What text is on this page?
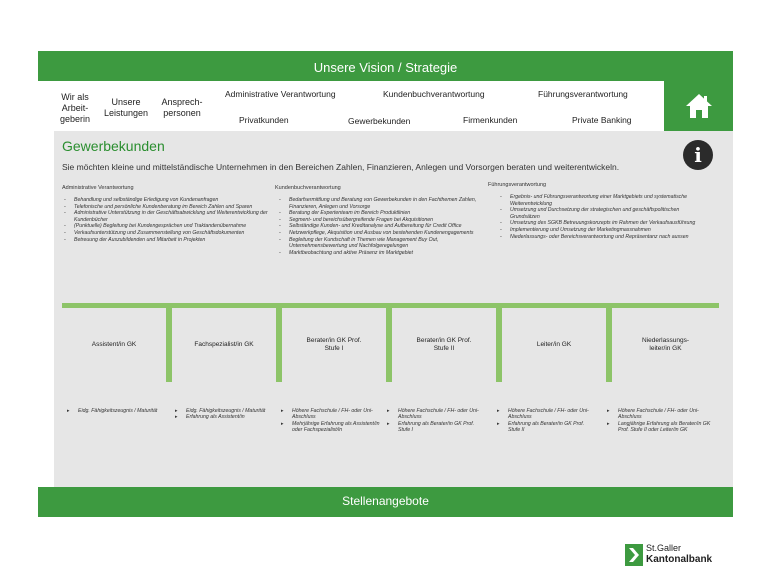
Unsere Vision / Strategie
Wir als Arbeit-geberin
Unsere Leistungen
Ansprech-personen
Administrative Verantwortung	Kundenbuchverantwortung	Führungsverantwortung
Privatkunden	Gewerbekunden	Firmenkunden	Private Banking
Gewerbekunden
Sie möchten kleine und mittelständische Unternehmen in den Bereichen Zahlen, Finanzieren, Anlegen und Vorsorgen beraten und weiterentwickeln.	i
Administrative Verantwortung
- Behandlung und selbständige Erledigung von Kundenanfragen
- Telefonische und persönliche Kundenberatung im Bereich Zahlen und Sparen
- Administrative Unterstützung in der Geschäftsabwicklung und Weiterentwicklung der Kundenbücher
- (Punktuelle) Begleitung bei Kundengesprächen und Traktandenübernahme
- Verkaufsunterstützung und Zusammenstellung von Geschäftsdokumenten
- Betreuung der Auszubildenden und Mitarbeit in Projekten
Kundenbuchverantwortung
- Bedarfsermittlung und Beratung von Gewerbekunden in den Fachthemen Zahlen, Finanzieren, Anlegen und Vorsorge
- Beratung der Expertenteam im Bereich Produktlinien
- Segment- und bereichsübergreifende Fragen bei Akquisitionen
- Selbständige Kunden- und Kreditanalyse und Aufbereitung für Credit Office
- Netzwerkpflege, Akquisition und Ausbau von bestehenden Kundenengagements
- Begleitung der Kundschaft in Themen wie Management Buy Out, Unternehmensbewertung und Nachfolgeregelungen
- Marktbeobachtung und aktive Präsenz im Marktgebiet
Führungsverantwortung
- Ergebnis- und Führungsverantwortung einer Marktgebiets und systematische Weiterentwicklung
- Umsetzung und Durchsetzung der strategischen und geschäftspolitischen Grundsätzen
- Umsetzung des SGKB Betreuungskonzepts im Rahmen der Verkaufsausführung
- Implementierung und Umsetzung der Marketingmassnahmen
- Niederlassungs- oder Bereichsverantwortung und Repräsentanz nach aussen
Assistent/in GK	Fachspezialist/in GK
Berater/in GK Prof. Stufe I
Berater/in GK Prof. Stufe II
Leiter/in GK
Niederlassungs-leiter/in GK
▸ Eidg. Fähigkeitszeugnis / Maturität
▸	Eidg. Fähigkeitszeugnis / Maturität
▸ Erfahrung als Assistent/in
▸ Höhere Fachschule / FH- oder Uni-Abschluss
▸ Mehrjährige Erfahrung als Assistent/in oder Fachspezialist/in
▸ Höhere Fachschule / FH- oder Uni-Abschluss
▸ Erfahrung als Berater/in GK Prof. Stufe I
▸ Höhere Fachschule / FH- oder Uni-Abschluss
▸ Erfahrung als Berater/in GK Prof. Stufe II
▸ Höhere Fachschule / FH- oder Uni-Abschluss
▸ Langjährige Erfahrung als Berater/in GK Prof. Stufe II oder Leiter/in GK
Stellenangebote
St.Galler
Kantonalbank
